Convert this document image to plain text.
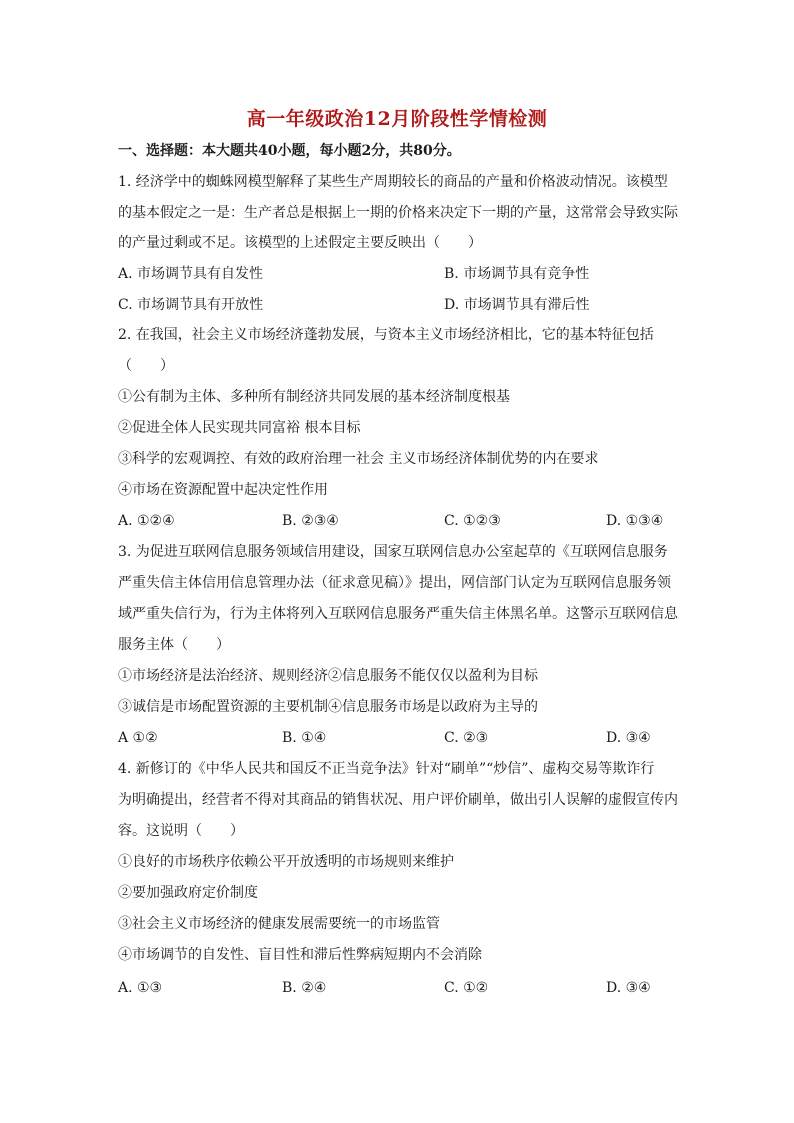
高一年级政治12月阶段性学情检测
一、选择题：本大题共40小题，每小题2分，共80分。
1. 经济学中的蜘蛛网模型解释了某些生产周期较长的商品的产量和价格波动情况。该模型
的基本假定之一是：生产者总是根据上一期的价格来决定下一期的产量，这常常会导致实际
的产量过剩或不足。该模型的上述假定主要反映出（　　）
A. 市场调节具有自发性	B. 市场调节具有竞争性
C. 市场调节具有开放性	D. 市场调节具有滞后性
2. 在我国，社会主义市场经济蓬勃发展，与资本主义市场经济相比，它的基本特征包括
（　　）
①公有制为主体、多种所有制经济共同发展的基本经济制度根基
②促进全体人民实现共同富裕 根本目标
③科学的宏观调控、有效的政府治理一社会 主义市场经济体制优势的内在要求
④市场在资源配置中起决定性作用
A. ①②④	B. ②③④	C. ①②③	D. ①③④
3. 为促进互联网信息服务领域信用建设，国家互联网信息办公室起草的《互联网信息服务
严重失信主体信用信息管理办法（征求意见稿）》提出，网信部门认定为互联网信息服务领
域严重失信行为，行为主体将列入互联网信息服务严重失信主体黑名单。这警示互联网信息
服务主体（　　）
①市场经济是法治经济、规则经济②信息服务不能仅仅以盈利为目标
③诚信是市场配置资源的主要机制④信息服务市场是以政府为主导的
A ①②	B. ①④	C. ②③	D. ③④
4. 新修订的《中华人民共和国反不正当竞争法》针对“刷单”“炒信”、虚构交易等欺诈行
为明确提出，经营者不得对其商品的销售状况、用户评价刷单，做出引人误解的虚假宣传内
容。这说明（　　）
①良好的市场秩序依赖公平开放透明的市场规则来维护
②要加强政府定价制度
③社会主义市场经济的健康发展需要统一的市场监管
④市场调节的自发性、盲目性和滞后性弊病短期内不会消除
A. ①③	B. ②④	C. ①②	D. ③④
